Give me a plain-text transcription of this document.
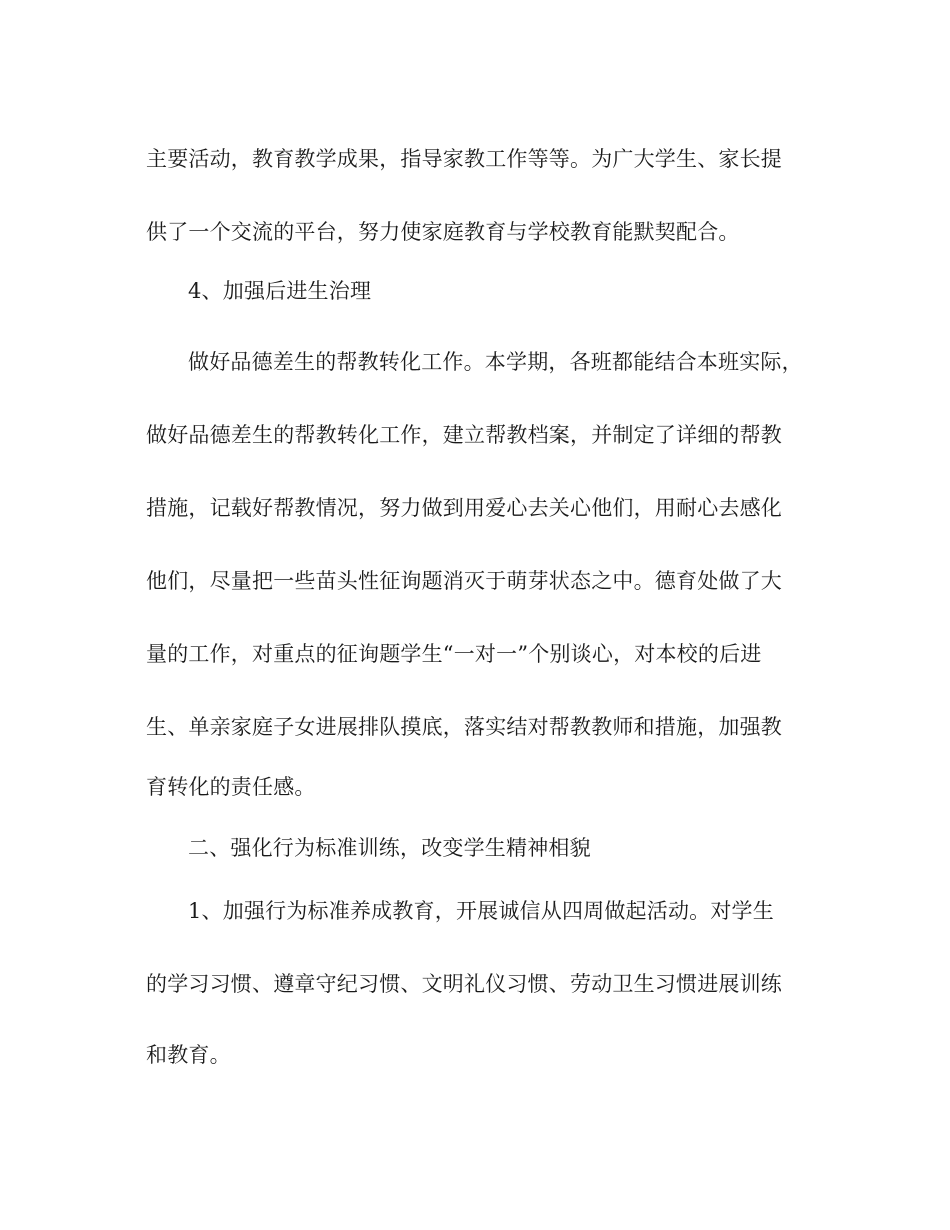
主要活动，教育教学成果，指导家教工作等等。为广大学生、家长提
供了一个交流的平台，努力使家庭教育与学校教育能默契配合。
4、加强后进生治理
做好品德差生的帮教转化工作。本学期，各班都能结合本班实际，
做好品德差生的帮教转化工作，建立帮教档案，并制定了详细的帮教
措施，记载好帮教情况，努力做到用爱心去关心他们，用耐心去感化
他们，尽量把一些苗头性征询题消灭于萌芽状态之中。德育处做了大
量的工作，对重点的征询题学生“一对一”个别谈心，对本校的后进
生、单亲家庭子女进展排队摸底，落实结对帮教教师和措施，加强教
育转化的责任感。
二、强化行为标准训练，改变学生精神相貌
1、加强行为标准养成教育，开展诚信从四周做起活动。对学生
的学习习惯、遵章守纪习惯、文明礼仪习惯、劳动卫生习惯进展训练
和教育。
